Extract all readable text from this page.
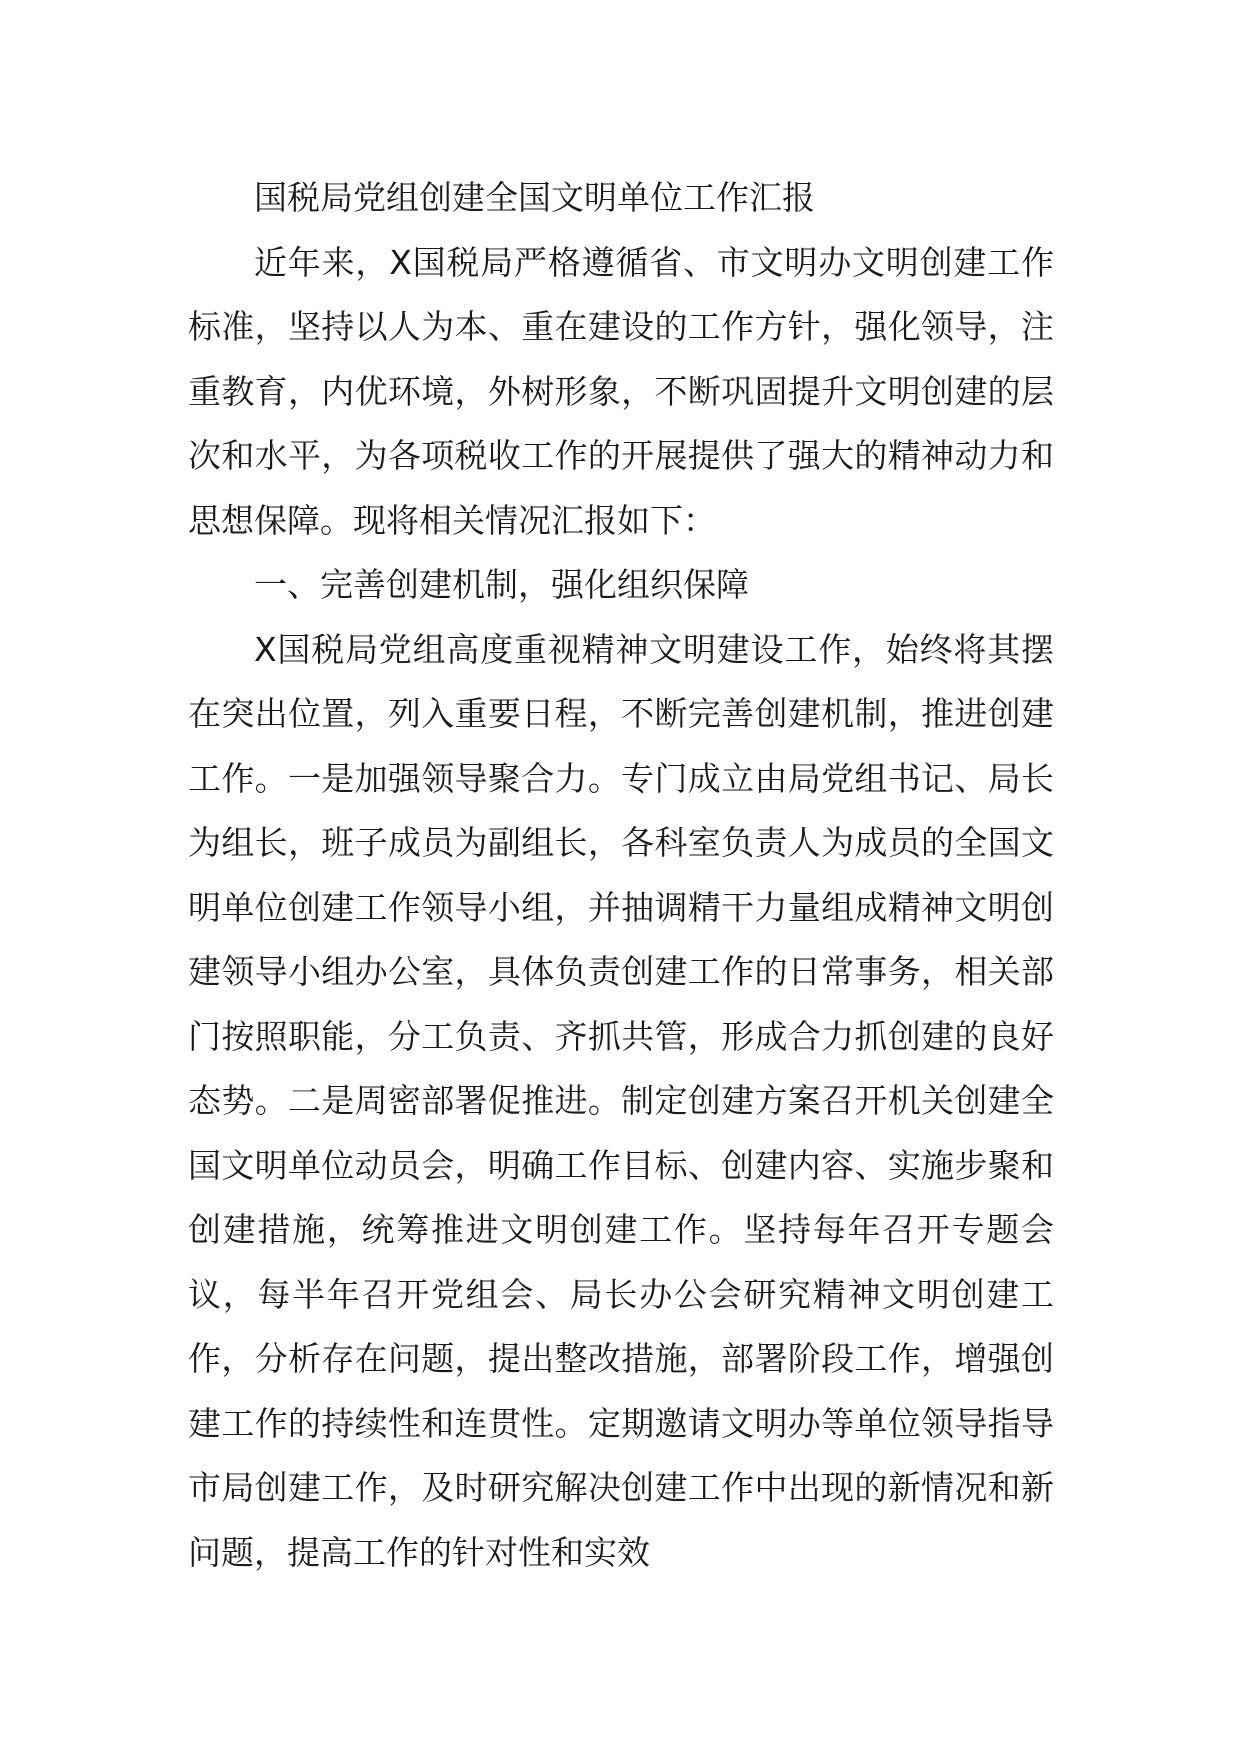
国税局党组创建全国文明单位工作汇报

近年来，X国税局严格遵循省、市文明办文明创建工作标准，坚持以人为本、重在建设的工作方针，强化领导，注重教育，内优环境，外树形象，不断巩固提升文明创建的层次和水平，为各项税收工作的开展提供了强大的精神动力和思想保障。现将相关情况汇报如下：

一、完善创建机制，强化组织保障

X国税局党组高度重视精神文明建设工作，始终将其摆在突出位置，列入重要日程，不断完善创建机制，推进创建工作。一是加强领导聚合力。专门成立由局党组书记、局长为组长，班子成员为副组长，各科室负责人为成员的全国文明单位创建工作领导小组，并抽调精干力量组成精神文明创建领导小组办公室，具体负责创建工作的日常事务，相关部门按照职能，分工负责、齐抓共管，形成合力抓创建的良好态势。二是周密部署促推进。制定创建方案召开机关创建全国文明单位动员会，明确工作目标、创建内容、实施步聚和创建措施，统筹推进文明创建工作。坚持每年召开专题会议，每半年召开党组会、局长办公会研究精神文明创建工作，分析存在问题，提出整改措施，部署阶段工作，增强创建工作的持续性和连贯性。定期邀请文明办等单位领导指导市局创建工作，及时研究解决创建工作中出现的新情况和新问题，提高工作的针对性和实效
